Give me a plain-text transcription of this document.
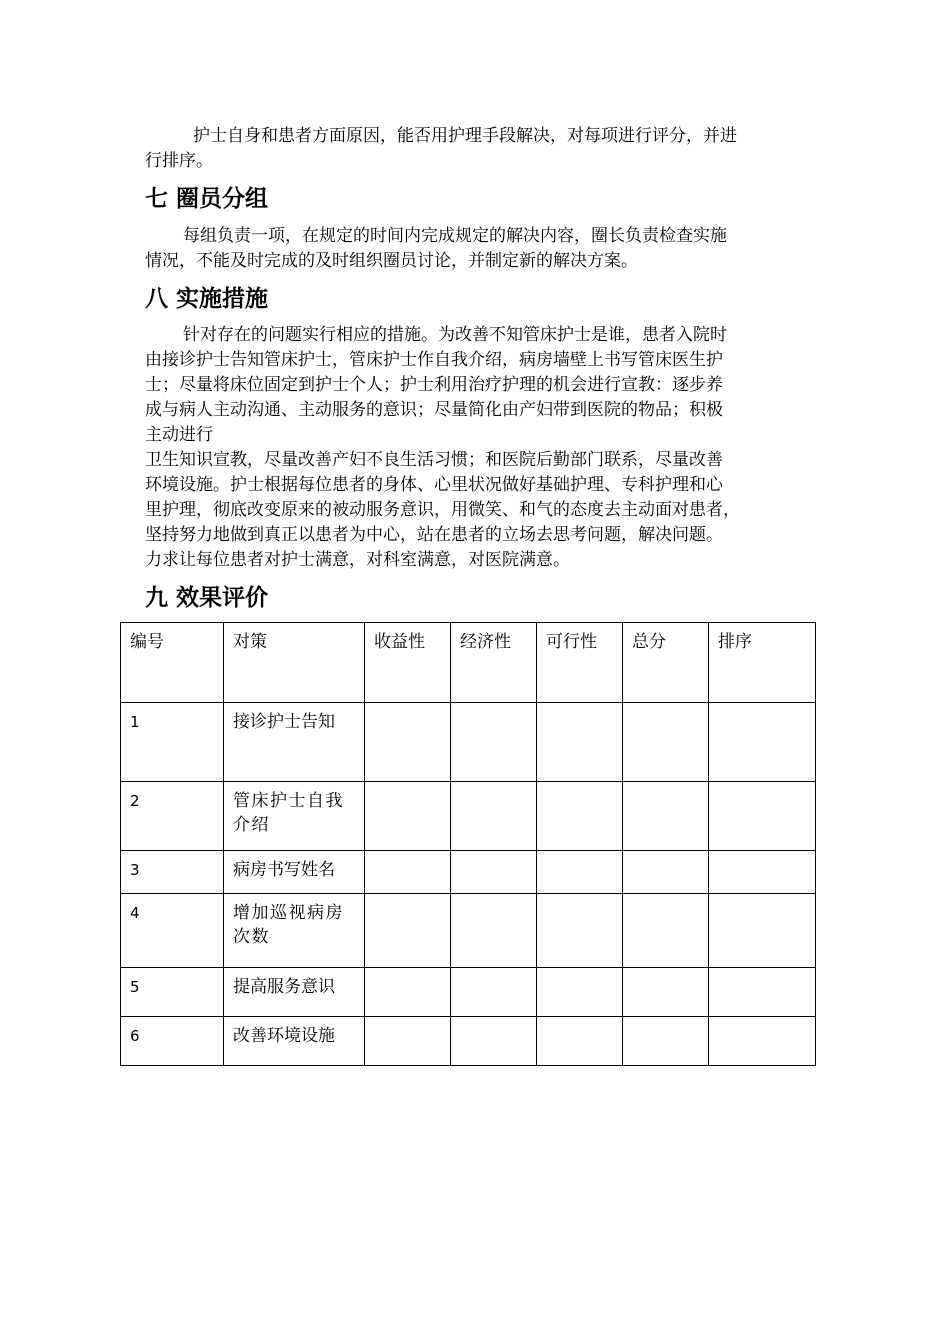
护士自身和患者方面原因，能否用护理手段解决，对每项进行评分，并进
行排序。

七 圈员分组

每组负责一项，在规定的时间内完成规定的解决内容，圈长负责检查实施
情况，不能及时完成的及时组织圈员讨论，并制定新的解决方案。

八 实施措施

针对存在的问题实行相应的措施。为改善不知管床护士是谁，患者入院时
由接诊护士告知管床护士，管床护士作自我介绍，病房墙壁上书写管床医生护
士；尽量将床位固定到护士个人；护士利用治疗护理的机会进行宣教：逐步养
成与病人主动沟通、主动服务的意识；尽量简化由产妇带到医院的物品；积极
主动进行
卫生知识宣教，尽量改善产妇不良生活习惯；和医院后勤部门联系，尽量改善
环境设施。护士根据每位患者的身体、心里状况做好基础护理、专科护理和心
里护理，彻底改变原来的被动服务意识，用微笑、和气的态度去主动面对患者，
坚持努力地做到真正以患者为中心，站在患者的立场去思考问题，解决问题。
力求让每位患者对护士满意，对科室满意，对医院满意。

九 效果评价
编号	对策	收益性	经济性	可行性	总分	排序
1	接诊护士告知					
2	管床护士自我介绍					
3	病房书写姓名					
4	增加巡视病房次数					
5	提高服务意识					
6	改善环境设施					
